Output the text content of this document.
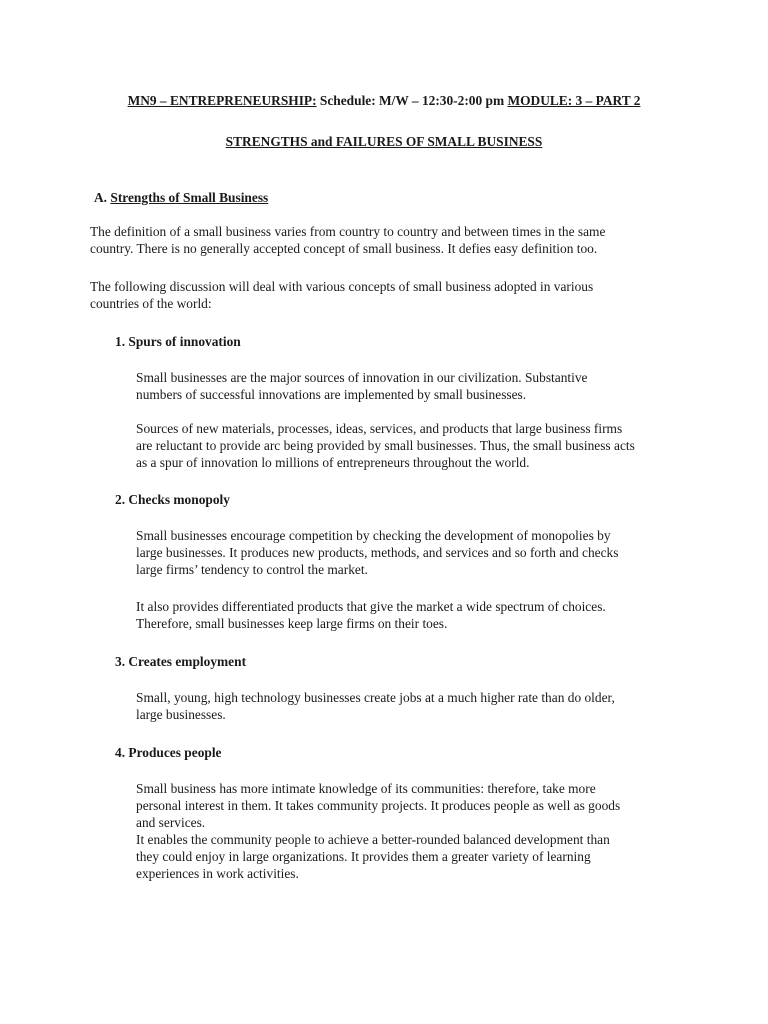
MN9 – ENTREPRENEURSHIP: Schedule: M/W – 12:30-2:00 pm MODULE: 3 – PART 2
STRENGTHS and FAILURES OF SMALL BUSINESS
A. Strengths of Small Business
The definition of a small business varies from country to country and between times in the same
country. There is no generally accepted concept of small business. It defies easy definition too.
The following discussion will deal with various concepts of small business adopted in various
countries of the world:
1. Spurs of innovation
Small businesses are the major sources of innovation in our civilization. Substantive
numbers of successful innovations are implemented by small businesses.
Sources of new materials, processes, ideas, services, and products that large business firms
are reluctant to provide arc being provided by small businesses. Thus, the small business acts
as a spur of innovation lo millions of entrepreneurs throughout the world.
2. Checks monopoly
Small businesses encourage competition by checking the development of monopolies by
large businesses. It produces new products, methods, and services and so forth and checks
large firms’ tendency to control the market.
It also provides differentiated products that give the market a wide spectrum of choices.
Therefore, small businesses keep large firms on their toes.
3. Creates employment
Small, young, high technology businesses create jobs at a much higher rate than do older,
large businesses.
4. Produces people
Small business has more intimate knowledge of its communities: therefore, take more
personal interest in them. It takes community projects. It produces people as well as goods
and services.
It enables the community people to achieve a better-rounded balanced development than
they could enjoy in large organizations. It provides them a greater variety of learning
experiences in work activities.
